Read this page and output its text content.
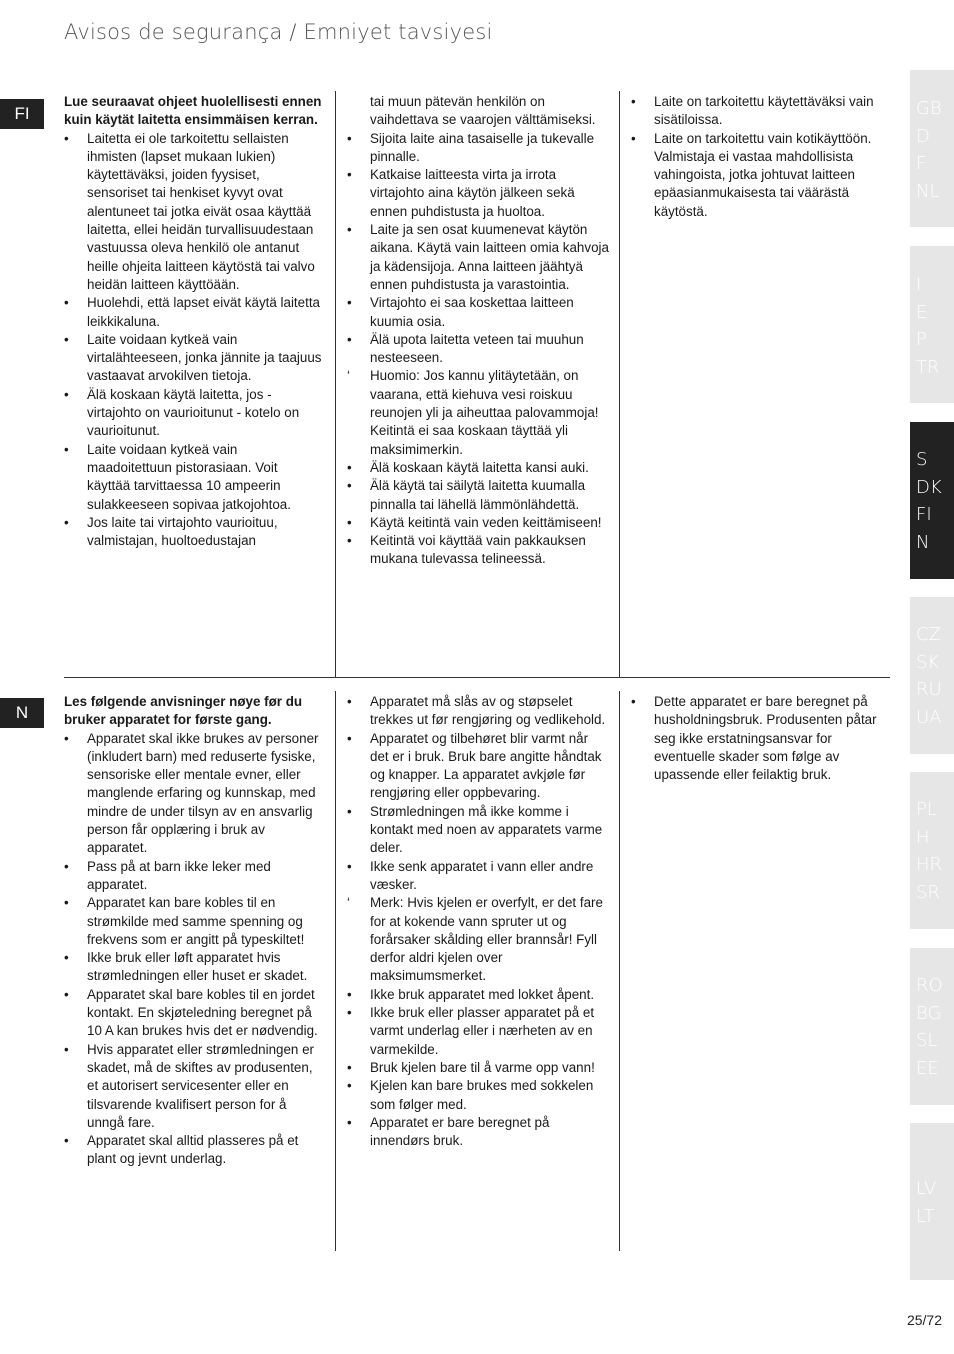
Avisos de segurança / Emniyet tavsiyesi
FI

Lue seuraavat ohjeet huolellisesti ennen kuin käytät laitetta ensimmäisen kerran.

• Laitetta ei ole tarkoitettu sellaisten ihmisten (lapset mukaan lukien) käytettäväksi, joiden fyysiset, sensoriset tai henkiset kyvyt ovat alentuneet tai jotka eivät osaa käyttää laitetta, ellei heidän turvallisuudestaan vastuussa oleva henkilö ole antanut heille ohjeita laitteen käytöstä tai valvo heidän laitteen käyttöään.
• Huolehdi, että lapset eivät käytä laitetta leikkikaluna.
• Laite voidaan kytkeä vain virtalähteeseen, jonka jännite ja taajuus vastaavat arvokilven tietoja.
• Älä koskaan käytä laitetta, jos - virtajohto on vaurioitunut - kotelo on vaurioitunut.
• Laite voidaan kytkeä vain maadoitettuun pistorasiaan. Voit käyttää tarvittaessa 10 ampeerin sulakkeeseen sopivaa jatkojohtoa.
• Jos laite tai virtajohto vaurioituu, valmistajan, huoltoedustajan
tai muun pätevän henkilön on vaihdettava se vaarojen välttämiseksi.
• Sijoita laite aina tasaiselle ja tukevalle pinnalle.
• Katkaise laitteesta virta ja irrota virtajohto aina käytön jälkeen sekä ennen puhdistusta ja huoltoa.
• Laite ja sen osat kuumenevat käytön aikana. Käytä vain laitteen omia kahvoja ja kädensijoja. Anna laitteen jäähtyä ennen puhdistusta ja varastointia.
• Virtajohto ei saa koskettaa laitteen kuumia osia.
• Älä upota laitetta veteen tai muuhun nesteeseen.
‘ Huomio: Jos kannu ylitäytetään, on vaarana, että kiehuva vesi roiskuu reunojen yli ja aiheuttaa palovammoja! Keitintä ei saa koskaan täyttää yli maksimimerkin.
• Älä koskaan käytä laitetta kansi auki.
• Älä käytä tai säilytä laitetta kuumalla pinnalla tai lähellä lämmönlähdettä.
• Käytä keitintä vain veden keittämiseen!
• Keitintä voi käyttää vain pakkauksen mukana tulevassa telineessä.
• Laite on tarkoitettu käytettäväksi vain sisätiloissa.
• Laite on tarkoitettu vain kotikäyttöön. Valmistaja ei vastaa mahdollisista vahingoista, jotka johtuvat laitteen epäasianmukaisesta tai väärästä käytöstä.
N

Les følgende anvisninger nøye før du bruker apparatet for første gang.

• Apparatet skal ikke brukes av personer (inkludert barn) med reduserte fysiske, sensoriske eller mentale evner, eller manglende erfaring og kunnskap, med mindre de under tilsyn av en ansvarlig person får opplæring i bruk av apparatet.
• Pass på at barn ikke leker med apparatet.
• Apparatet kan bare kobles til en strømkilde med samme spenning og frekvens som er angitt på typeskiltet!
• Ikke bruk eller løft apparatet hvis strømledningen eller huset er skadet.
• Apparatet skal bare kobles til en jordet kontakt. En skjøteledning beregnet på 10 A kan brukes hvis det er nødvendig.
• Hvis apparatet eller strømledningen er skadet, må de skiftes av produsenten, et autorisert servicesenter eller en tilsvarende kvalifisert person for å unngå fare.
• Apparatet skal alltid plasseres på et plant og jevnt underlag.
• Apparatet må slås av og støpselet trekkes ut før rengjøring og vedlikehold.
• Apparatet og tilbehøret blir varmt når det er i bruk. Bruk bare angitte håndtak og knapper. La apparatet avkjøle før rengjøring eller oppbevaring.
• Strømledningen må ikke komme i kontakt med noen av apparatets varme deler.
• Ikke senk apparatet i vann eller andre væsker.
‘ Merk: Hvis kjelen er overfylt, er det fare for at kokende vann spruter ut og forårsaker skålding eller brannsår! Fyll derfor aldri kjelen over maksimumsmerket.
• Ikke bruk apparatet med lokket åpent.
• Ikke bruk eller plasser apparatet på et varmt underlag eller i nærheten av en varmekilde.
• Bruk kjelen bare til å varme opp vann!
• Kjelen kan bare brukes med sokkelen som følger med.
• Apparatet er bare beregnet på innendørs bruk.
• Dette apparatet er bare beregnet på husholdningsbruk. Produsenten påtar seg ikke erstatningsansvar for eventuelle skader som følge av upassende eller feilaktig bruk.
GB
D
F
NL
I
E
P
TR
S
DK
FI
N
CZ
SK
RU
UA
PL
H
HR
SR
RO
BG
SL
EE
LV
LT
25/72
